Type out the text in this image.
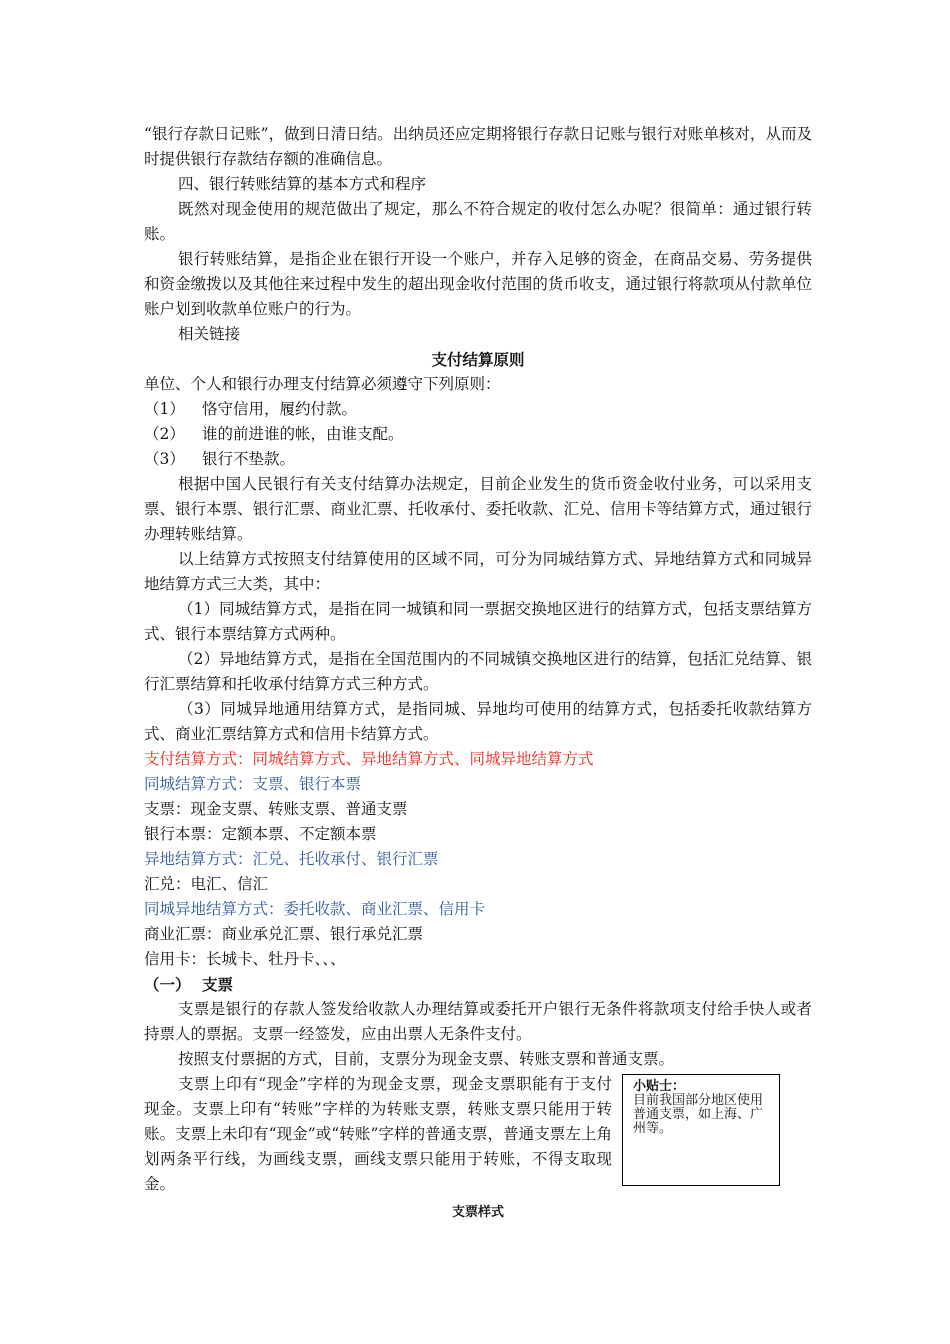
“银行存款日记账”，做到日清日结。出纳员还应定期将银行存款日记账与银行对账单核对，从而及时提供银行存款结存额的准确信息。

四、银行转账结算的基本方式和程序

既然对现金使用的规范做出了规定，那么不符合规定的收付怎么办呢？很简单：通过银行转账。

银行转账结算，是指企业在银行开设一个账户，并存入足够的资金，在商品交易、劳务提供和资金缴拨以及其他往来过程中发生的超出现金收付范围的货币收支，通过银行将款项从付款单位账户划到收款单位账户的行为。

相关链接
支付结算原则
单位、个人和银行办理支付结算必须遵守下列原则：
（1） 恪守信用，履约付款。
（2） 谁的前进谁的帐，由谁支配。
（3） 银行不垫款。

根据中国人民银行有关支付结算办法规定，目前企业发生的货币资金收付业务，可以采用支票、银行本票、银行汇票、商业汇票、托收承付、委托收款、汇兑、信用卡等结算方式，通过银行办理转账结算。

以上结算方式按照支付结算使用的区域不同，可分为同城结算方式、异地结算方式和同城异地结算方式三大类，其中：

（1）同城结算方式，是指在同一城镇和同一票据交换地区进行的结算方式，包括支票结算方式、银行本票结算方式两种。

（2）异地结算方式，是指在全国范围内的不同城镇交换地区进行的结算，包括汇兑结算、银行汇票结算和托收承付结算方式三种方式。

（3）同城异地通用结算方式，是指同城、异地均可使用的结算方式，包括委托收款结算方式、商业汇票结算方式和信用卡结算方式。

支付结算方式：同城结算方式、异地结算方式、同城异地结算方式
同城结算方式：支票、银行本票
支票：现金支票、转账支票、普通支票
银行本票：定额本票、不定额本票
异地结算方式：汇兑、托收承付、银行汇票
汇兑：电汇、信汇
同城异地结算方式：委托收款、商业汇票、信用卡
商业汇票：商业承兑汇票、银行承兑汇票
信用卡：长城卡、牡丹卡、、、
（一） 支票

支票是银行的存款人签发给收款人办理结算或委托开户银行无条件将款项支付给手快人或者持票人的票据。支票一经签发，应由出票人无条件支付。

按照支付票据的方式，目前，支票分为现金支票、转账支票和普通支票。

支票上印有“现金”字样的为现金支票，现金支票职能有于支付现金。支票上印有“转账”字样的为转账支票，转账支票只能用于转账。支票上未印有“现金”或“转账”字样的普通支票，普通支票左上角划两条平行线，为画线支票，画线支票只能用于转账，不得支取现金。

小贴士：
目前我国部分地区使用普通支票，如上海、广州等。
支票样式
